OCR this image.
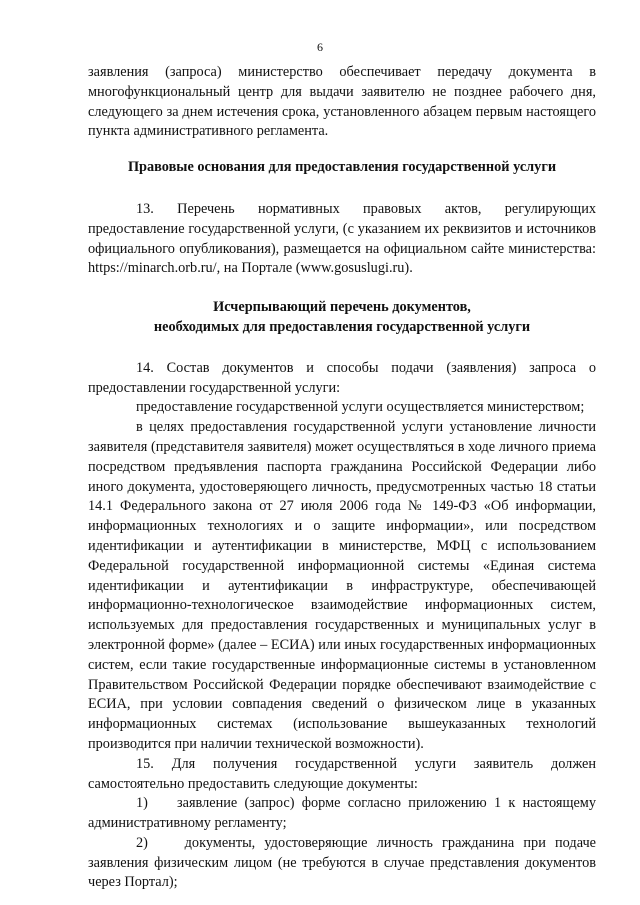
6

заявления (запроса) министерство обеспечивает передачу документа в многофункциональный центр для выдачи заявителю не позднее рабочего дня, следующего за днем истечения срока, установленного абзацем первым настоящего пункта административного регламента.

Правовые основания для предоставления государственной услуги

13. Перечень нормативных правовых актов, регулирующих предоставление государственной услуги, (с указанием их реквизитов и источников официального опубликования), размещается на официальном сайте министерства: https://minarch.orb.ru/, на Портале (www.gosuslugi.ru).

Исчерпывающий перечень документов,

необходимых для предоставления государственной услуги

14. Состав документов и способы подачи (заявления) запроса о предоставлении государственной услуги:

предоставление государственной услуги осуществляется министерством;

в целях предоставления государственной услуги установление личности заявителя (представителя заявителя) может осуществляться в ходе личного приема посредством предъявления паспорта гражданина Российской Федерации либо иного документа, удостоверяющего личность, предусмотренных частью 18 статьи 14.1 Федерального закона от 27 июля 2006 года № 149-ФЗ «Об информации, информационных технологиях и о защите информации», или посредством идентификации и аутентификации в министерстве, МФЦ с использованием Федеральной государственной информационной системы «Единая система идентификации и аутентификации в инфраструктуре, обеспечивающей информационно-технологическое взаимодействие информационных систем, используемых для предоставления государственных и муниципальных услуг в электронной форме» (далее – ЕСИА) или иных государственных информационных систем, если такие государственные информационные системы в установленном Правительством Российской Федерации порядке обеспечивают взаимодействие с ЕСИА, при условии совпадения сведений о физическом лице в указанных информационных системах (использование вышеуказанных технологий производится при наличии технической возможности).

15. Для получения государственной услуги заявитель должен самостоятельно предоставить следующие документы:

1)    заявление (запрос) форме согласно приложению 1 к настоящему административному регламенту;

2)    документы, удостоверяющие личность гражданина при подаче заявления физическим лицом (не требуются в случае представления документов через Портал);
